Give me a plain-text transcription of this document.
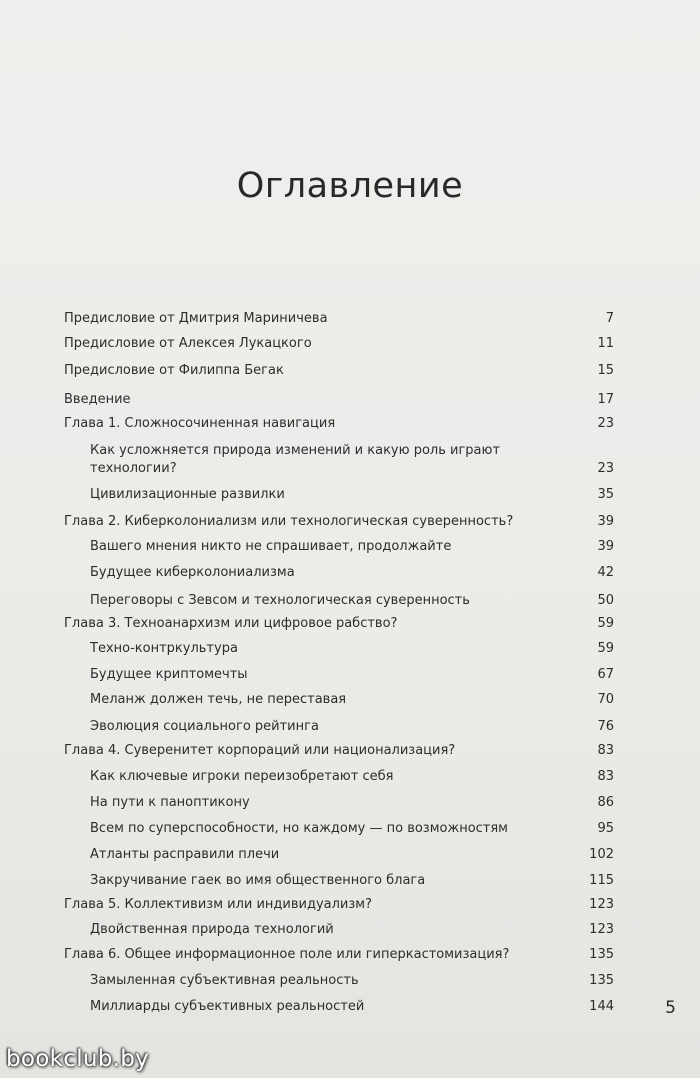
Оглавление
Предисловие от Дмитрия Мариничева	7
Предисловие от Алексея Лукацкого	11
Предисловие от Филиппа Бегак	15
Введение	17
Глава 1. Сложносочиненная навигация	23
Как усложняется природа изменений и какую роль играют технологии?	23
Цивилизационные развилки	35
Глава 2. Киберколониализм или технологическая суверенность?	39
Вашего мнения никто не спрашивает, продолжайте	39
Будущее киберколониализма	42
Переговоры с Зевсом и технологическая суверенность	50
Глава 3. Техноанархизм или цифровое рабство?	59
Техно-контркультура	59
Будущее криптомечты	67
Меланж должен течь, не переставая	70
Эволюция социального рейтинга	76
Глава 4. Суверенитет корпораций или национализация?	83
Как ключевые игроки переизобретают себя	83
На пути к паноптикону	86
Всем по суперспособности, но каждому — по возможностям	95
Атланты расправили плечи	102
Закручивание гаек во имя общественного блага	115
Глава 5. Коллективизм или индивидуализм?	123
Двойственная природа технологий	123
Глава 6. Общее информационное поле или гиперкастомизация?	135
Замыленная субъективная реальность	135
Миллиарды субъективных реальностей	144	5
bookclub.by
